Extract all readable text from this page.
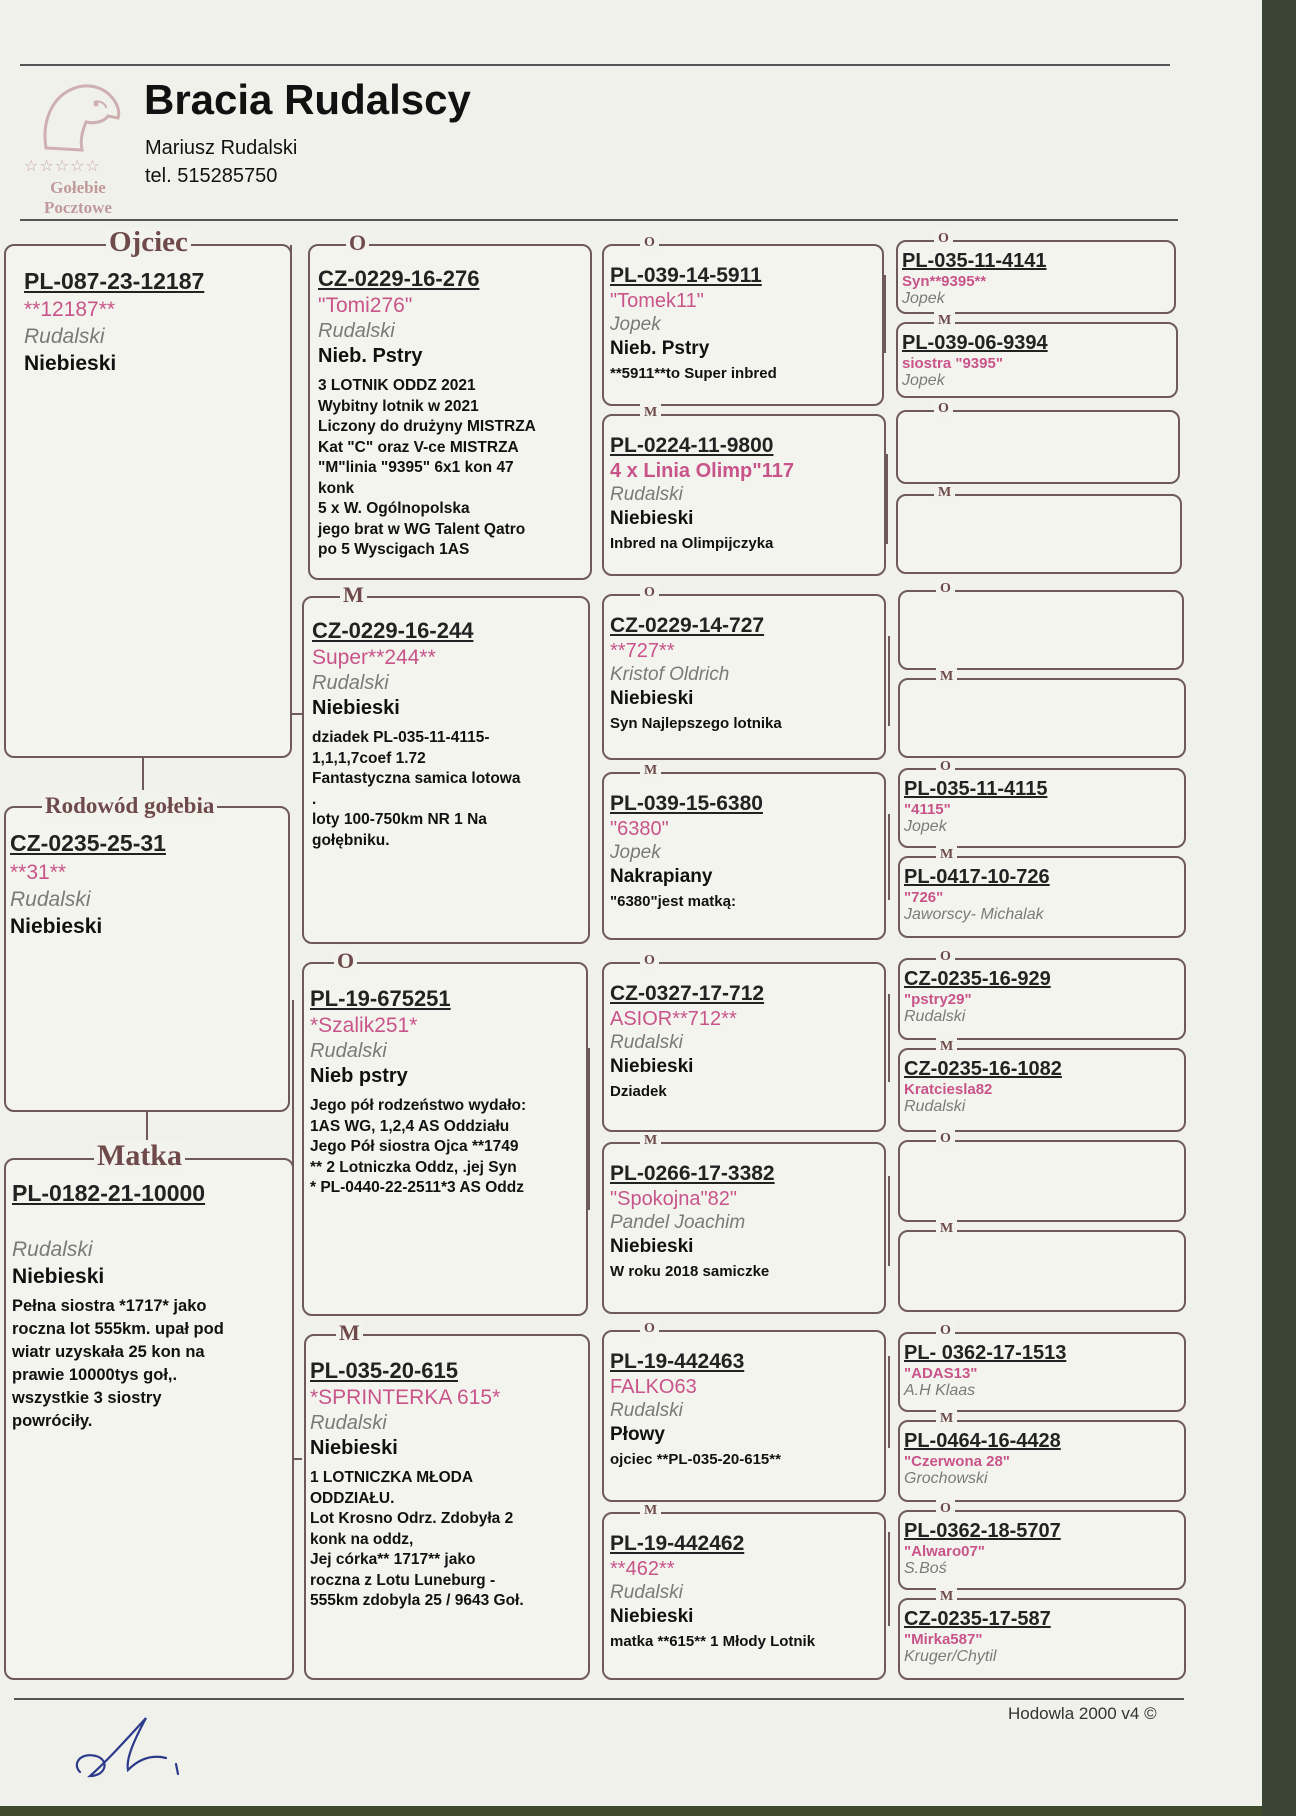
☆☆☆☆☆
Gołebie
Pocztowe
Bracia Rudalscy
Mariusz Rudalski
tel. 515285750
Ojciec
PL-087-23-12187
**12187**
Rudalski
Niebieski
Rodowód gołebia
CZ-0235-25-31
**31**
Rudalski
Niebieski
Matka
PL-0182-21-10000
Rudalski
Niebieski
Pełna siostra *1717* jako
roczna lot 555km. upał pod
wiatr uzyskała 25 kon na
prawie 10000tys goł,.
wszystkie 3 siostry
powróciły.
O
CZ-0229-16-276
"Tomi276"
Rudalski
Nieb. Pstry
3 LOTNIK ODDZ 2021
Wybitny lotnik w 2021
Liczony do drużyny MISTRZA
Kat "C" oraz V-ce MISTRZA
"M"linia "9395" 6x1 kon 47
konk
5 x W. Ogólnopolska
jego brat w WG Talent Qatro
po 5 Wyscigach 1AS
M
CZ-0229-16-244
Super**244**
Rudalski
Niebieski
dziadek PL-035-11-4115-
1,1,1,7coef 1.72
Fantastyczna samica lotowa
.
loty 100-750km NR 1 Na
gołębniku.
O
PL-19-675251
*Szalik251*
Rudalski
Nieb pstry
Jego pół rodzeństwo wydało:
1AS WG, 1,2,4 AS Oddziału
Jego Pół siostra Ojca **1749
** 2 Lotniczka Oddz, .jej Syn
* PL-0440-22-2511*3 AS Oddz
M
PL-035-20-615
*SPRINTERKA 615*
Rudalski
Niebieski
1 LOTNICZKA MŁODA
ODDZIAŁU.
Lot Krosno Odrz. Zdobyła 2
konk na oddz,
Jej córka** 1717** jako
roczna z Lotu Luneburg -
555km zdobyla 25 / 9643 Goł.
O
PL-039-14-5911
"Tomek11"
Jopek
Nieb. Pstry
**5911**to Super inbred
M
PL-0224-11-9800
4 x Linia Olimp"117
Rudalski
Niebieski
Inbred na Olimpijczyka
O
CZ-0229-14-727
**727**
Kristof Oldrich
Niebieski
Syn Najlepszego lotnika
M
PL-039-15-6380
"6380"
Jopek
Nakrapiany
"6380"jest matką:
O
CZ-0327-17-712
ASIOR**712**
Rudalski
Niebieski
Dziadek
M
PL-0266-17-3382
"Spokojna"82"
Pandel Joachim
Niebieski
W roku 2018 samiczke
O
PL-19-442463
FALKO63
Rudalski
Płowy
ojciec **PL-035-20-615**
M
PL-19-442462
**462**
Rudalski
Niebieski
matka **615** 1 Młody Lotnik
O
PL-035-11-4141
Syn**9395**
Jopek
M
PL-039-06-9394
siostra "9395"
Jopek
O
M
O
M
O
PL-035-11-4115
"4115"
Jopek
M
PL-0417-10-726
"726"
Jaworscy- Michalak
O
CZ-0235-16-929
"pstry29"
Rudalski
M
CZ-0235-16-1082
Kratciesla82
Rudalski
O
M
O
PL- 0362-17-1513
"ADAS13"
A.H Klaas
M
PL-0464-16-4428
"Czerwona 28"
Grochowski
O
PL-0362-18-5707
"Alwaro07"
S.Boś
M
CZ-0235-17-587
"Mirka587"
Kruger/Chytil
Hodowla 2000 v4 ©
